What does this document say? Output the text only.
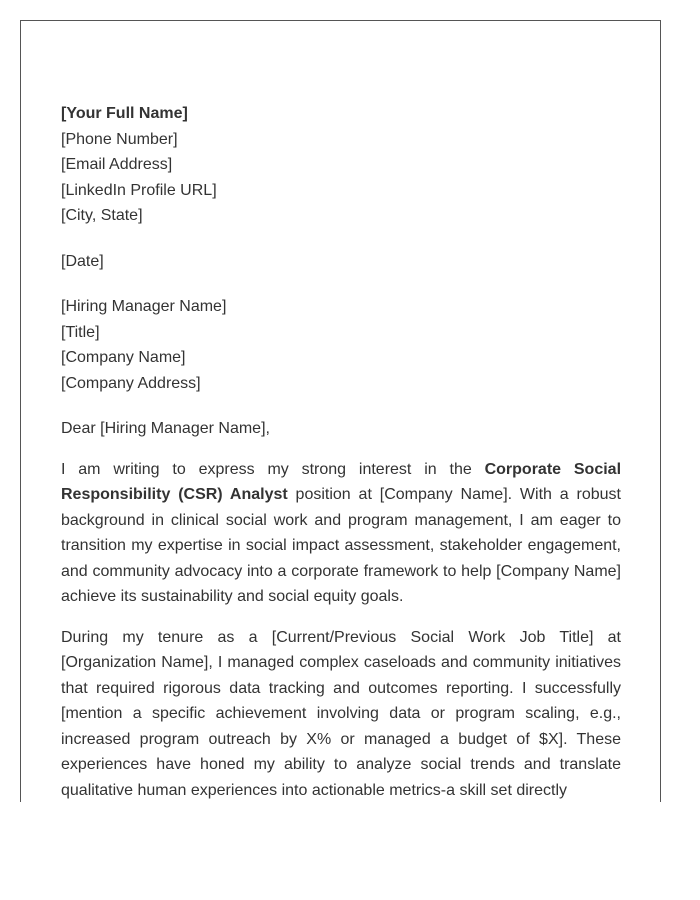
[Your Full Name]
[Phone Number]
[Email Address]
[LinkedIn Profile URL]
[City, State]
[Date]
[Hiring Manager Name]
[Title]
[Company Name]
[Company Address]
Dear [Hiring Manager Name],

I am writing to express my strong interest in the Corporate Social Responsibility (CSR) Analyst position at [Company Name]. With a robust background in clinical social work and program management, I am eager to transition my expertise in social impact assessment, stakeholder engagement, and community advocacy into a corporate framework to help [Company Name] achieve its sustainability and social equity goals.

During my tenure as a [Current/Previous Social Work Job Title] at [Organization Name], I managed complex caseloads and community initiatives that required rigorous data tracking and outcomes reporting. I successfully [mention a specific achievement involving data or program scaling, e.g., increased program outreach by X% or managed a budget of $X]. These experiences have honed my ability to analyze social trends and translate qualitative human experiences into actionable metrics-a skill set directly
